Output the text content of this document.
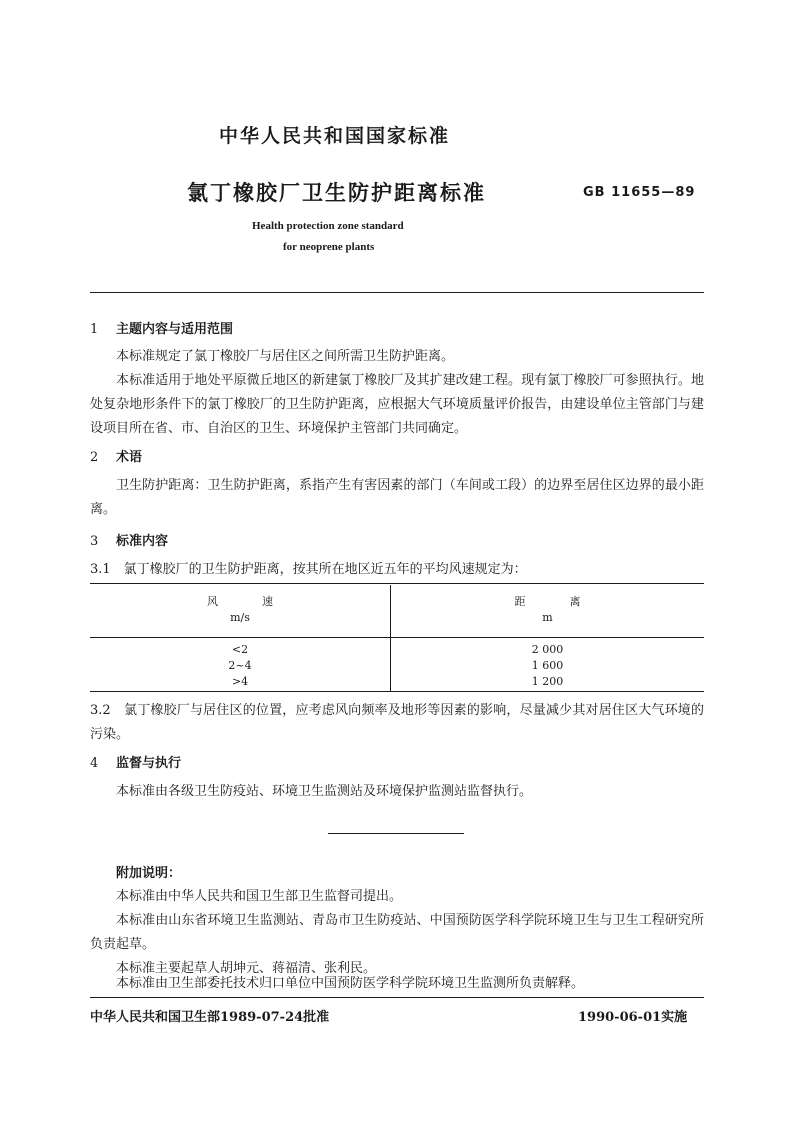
中华人民共和国国家标准
氯丁橡胶厂卫生防护距离标准	GB 11655—89
Health protection zone standard
for neoprene plants
1 主题内容与适用范围
本标准规定了氯丁橡胶厂与居住区之间所需卫生防护距离。
本标准适用于地处平原微丘地区的新建氯丁橡胶厂及其扩建改建工程。现有氯丁橡胶厂可参照执行。地处复杂地形条件下的氯丁橡胶厂的卫生防护距离，应根据大气环境质量评价报告，由建设单位主管部门与建设项目所在省、市、自治区的卫生、环境保护主管部门共同确定。
2 术语
卫生防护距离：卫生防护距离，系指产生有害因素的部门（车间或工段）的边界至居住区边界的最小距离。
3 标准内容
3.1　氯丁橡胶厂的卫生防护距离，按其所在地区近五年的平均风速规定为：
风　　　　速	距　　　　离
m/s	m
<2	2 000
2~4	1 600
>4	1 200
3.2　氯丁橡胶厂与居住区的位置，应考虑风向频率及地形等因素的影响，尽量减少其对居住区大气环境的污染。
4 监督与执行
本标准由各级卫生防疫站、环境卫生监测站及环境保护监测站监督执行。
附加说明：
本标准由中华人民共和国卫生部卫生监督司提出。
本标准由山东省环境卫生监测站、青岛市卫生防疫站、中国预防医学科学院环境卫生与卫生工程研究所负责起草。
本标准主要起草人胡坤元、蒋福清、张利民。
本标准由卫生部委托技术归口单位中国预防医学科学院环境卫生监测所负责解释。
中华人民共和国卫生部1989-07-24批准	1990-06-01实施
